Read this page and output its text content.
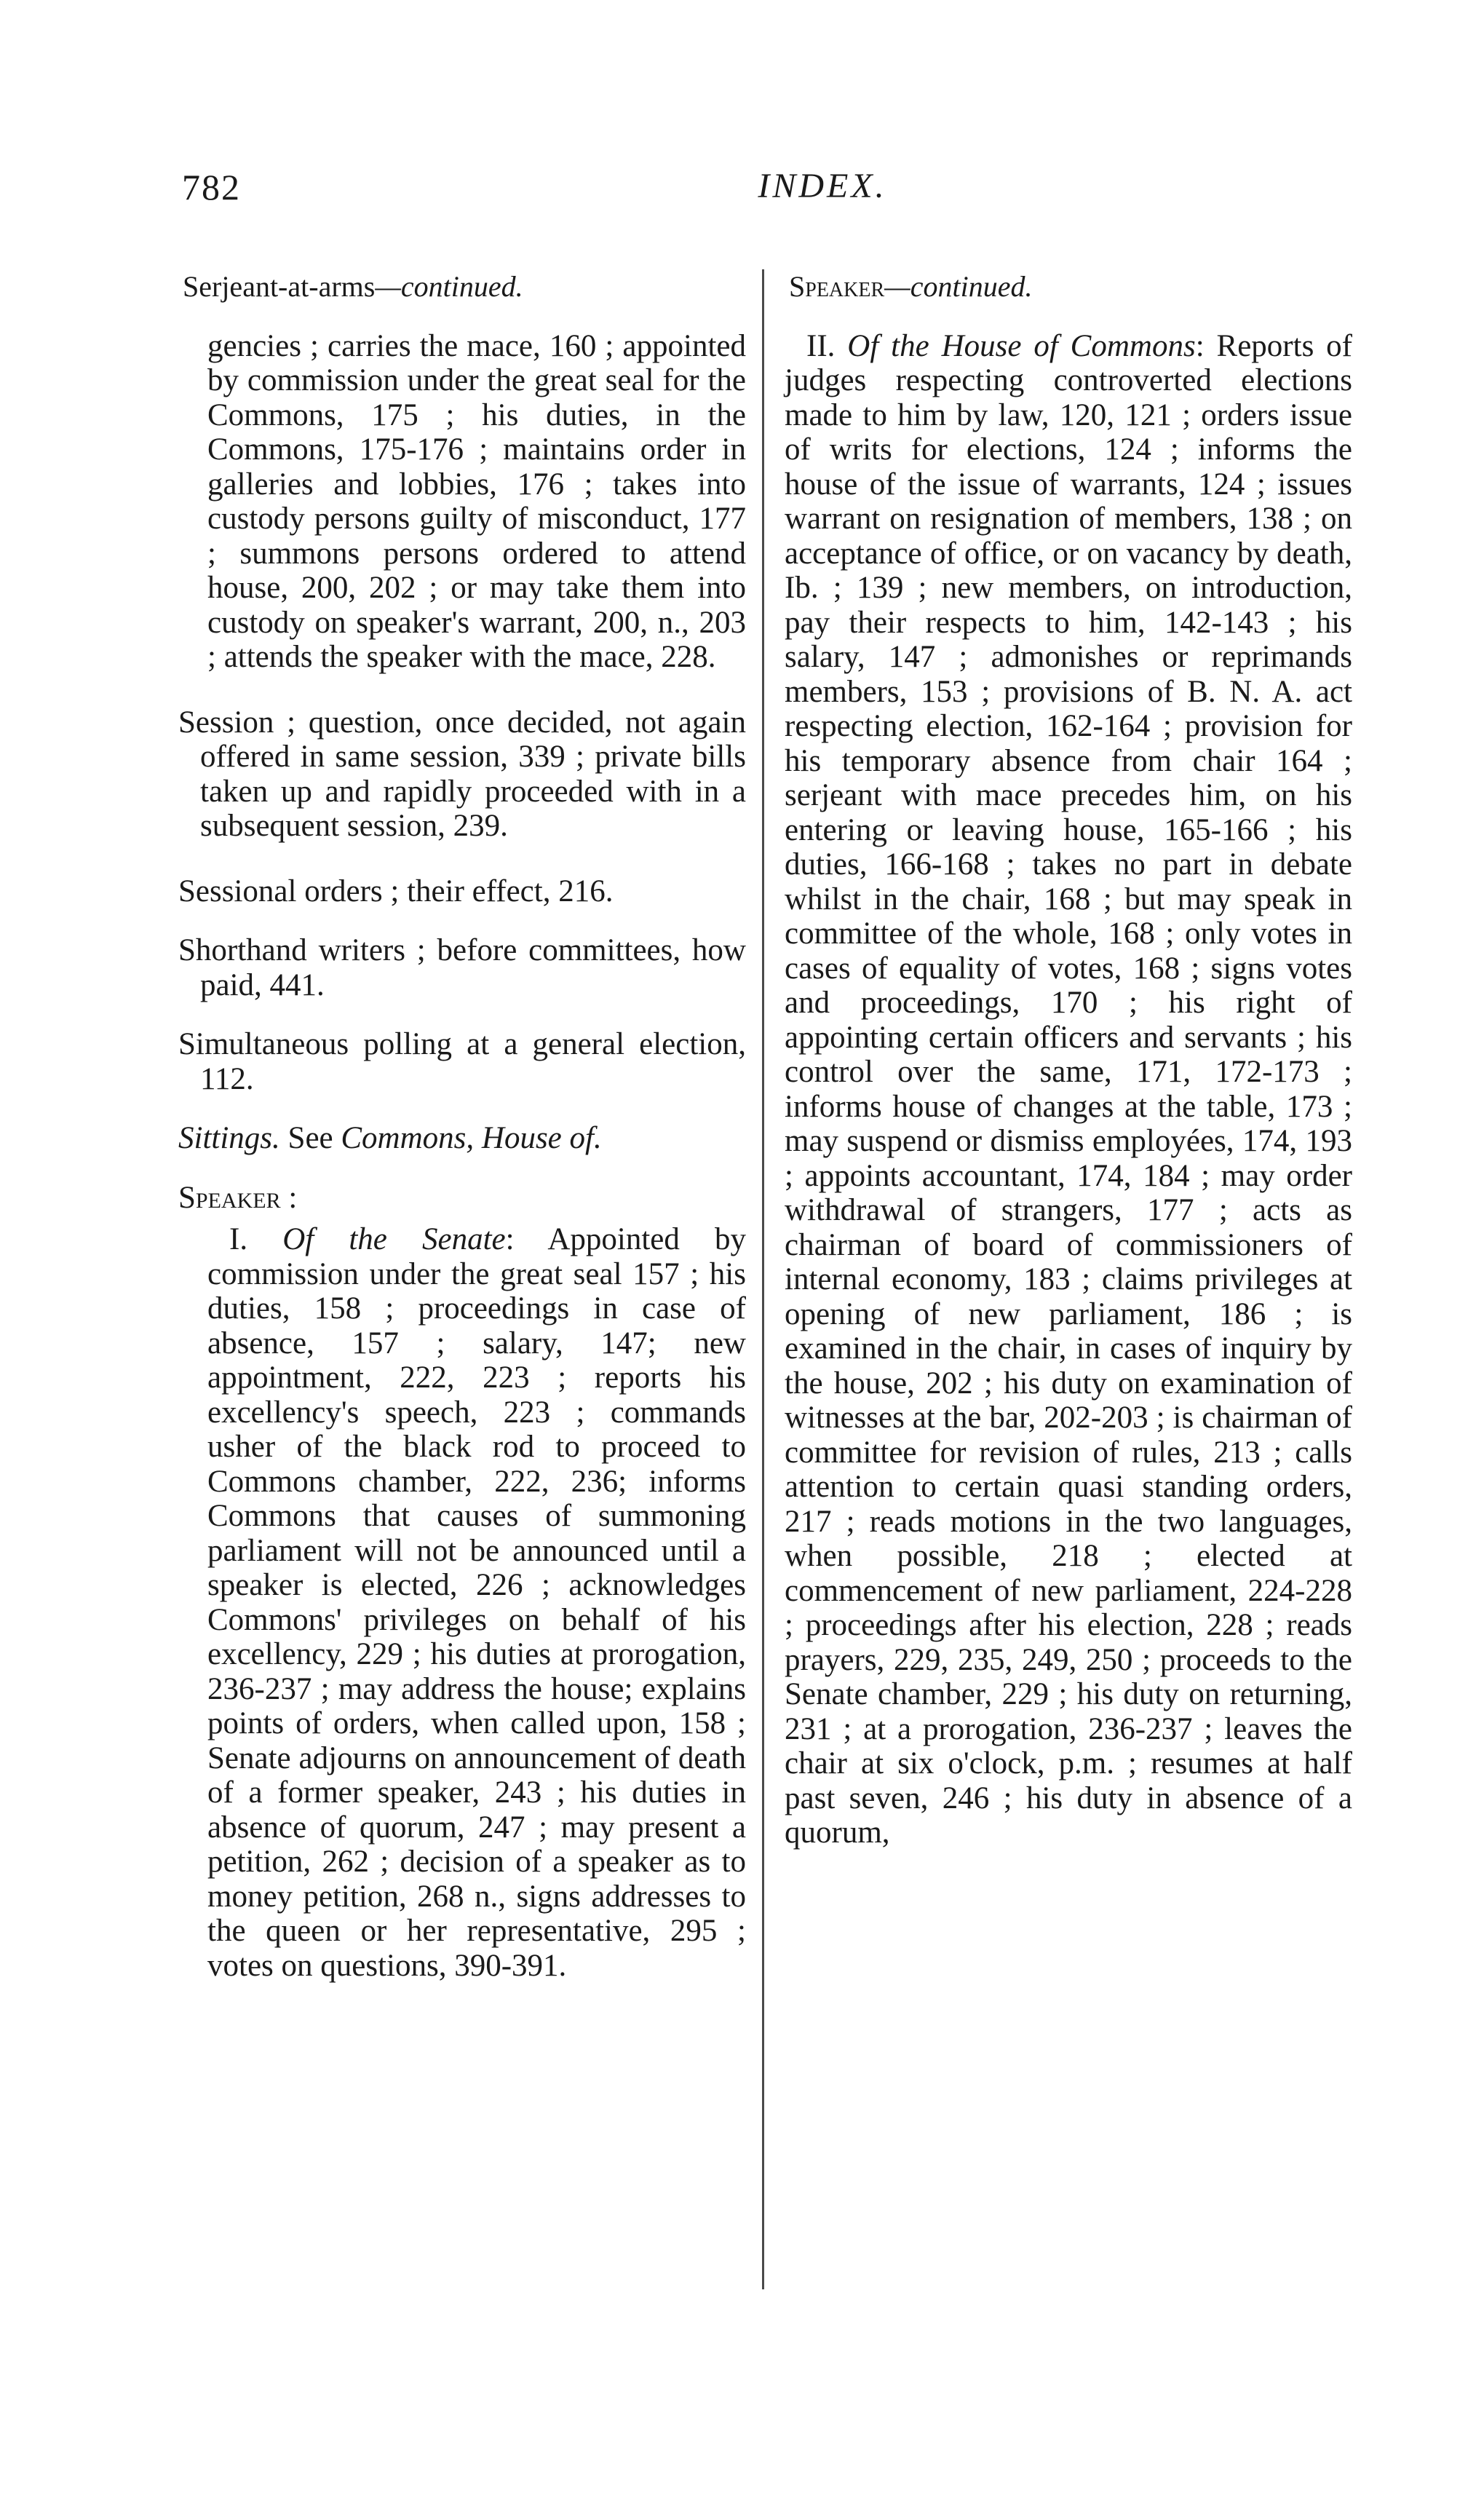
782	INDEX.
Serjeant-at-arms—continued.

gencies ; carries the mace, 160 ; appointed by commission under the great seal for the Commons, 175 ; his duties, in the Commons, 175-176 ; maintains order in galleries and lobbies, 176 ; takes into custody persons guilty of misconduct, 177 ; summons persons ordered to attend house, 200, 202 ; or may take them into custody on speaker's warrant, 200, n., 203 ; attends the speaker with the mace, 228.

Session ; question, once decided, not again offered in same session, 339 ; private bills taken up and rapidly proceeded with in a subsequent session, 239.

Sessional orders ; their effect, 216.

Shorthand writers ; before committees, how paid, 441.

Simultaneous polling at a general election, 112.

Sittings. See Commons, House of.

Speaker :

I. Of the Senate: Appointed by commission under the great seal 157 ; his duties, 158 ; proceedings in case of absence, 157 ; salary, 147; new appointment, 222, 223 ; reports his excellency's speech, 223 ; commands usher of the black rod to proceed to Commons chamber, 222, 236; informs Commons that causes of summoning parliament will not be announced until a speaker is elected, 226 ; acknowledges Commons' privileges on behalf of his excellency, 229 ; his duties at prorogation, 236-237 ; may address the house; explains points of orders, when called upon, 158 ; Senate adjourns on announcement of death of a former speaker, 243 ; his duties in absence of quorum, 247 ; may present a petition, 262 ; decision of a speaker as to money petition, 268 n., signs addresses to the queen or her representative, 295 ; votes on questions, 390-391.

Speaker—continued.

II. Of the House of Commons: Reports of judges respecting controverted elections made to him by law, 120, 121 ; orders issue of writs for elections, 124 ; informs the house of the issue of warrants, 124 ; issues warrant on resignation of members, 138 ; on acceptance of office, or on vacancy by death, Ib. ; 139 ; new members, on introduction, pay their respects to him, 142-143 ; his salary, 147 ; admonishes or reprimands members, 153 ; provisions of B. N. A. act respecting election, 162-164 ; provision for his temporary absence from chair 164 ; serjeant with mace precedes him, on his entering or leaving house, 165-166 ; his duties, 166-168 ; takes no part in debate whilst in the chair, 168 ; but may speak in committee of the whole, 168 ; only votes in cases of equality of votes, 168 ; signs votes and proceedings, 170 ; his right of appointing certain officers and servants ; his control over the same, 171, 172-173 ; informs house of changes at the table, 173 ; may suspend or dismiss employées, 174, 193 ; appoints accountant, 174, 184 ; may order withdrawal of strangers, 177 ; acts as chairman of board of commissioners of internal economy, 183 ; claims privileges at opening of new parliament, 186 ; is examined in the chair, in cases of inquiry by the house, 202 ; his duty on examination of witnesses at the bar, 202-203 ; is chairman of committee for revision of rules, 213 ; calls attention to certain quasi standing orders, 217 ; reads motions in the two languages, when possible, 218 ; elected at commencement of new parliament, 224-228 ; proceedings after his election, 228 ; reads prayers, 229, 235, 249, 250 ; proceeds to the Senate chamber, 229 ; his duty on returning, 231 ; at a prorogation, 236-237 ; leaves the chair at six o'clock, p.m. ; resumes at half past seven, 246 ; his duty in absence of a quorum,
